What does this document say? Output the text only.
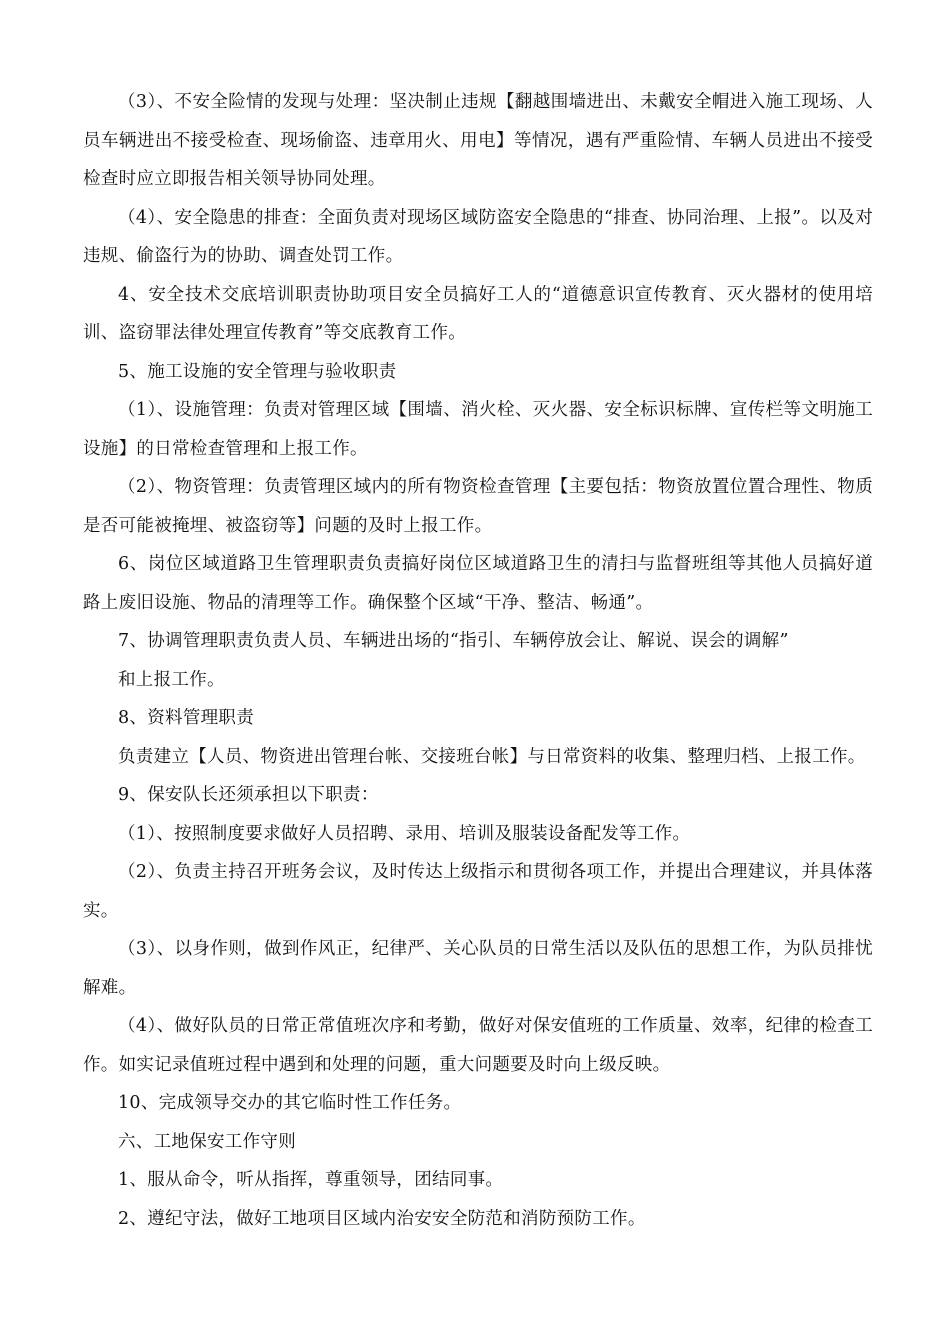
（3）、不安全险情的发现与处理：坚决制止违规【翻越围墙进出、未戴安全帽进入施工现场、人员车辆进出不接受检查、现场偷盗、违章用火、用电】等情况，遇有严重险情、车辆人员进出不接受检查时应立即报告相关领导协同处理。

（4）、安全隐患的排查：全面负责对现场区域防盗安全隐患的“排查、协同治理、上报”。以及对违规、偷盗行为的协助、调查处罚工作。

4、安全技术交底培训职责协助项目安全员搞好工人的“道德意识宣传教育、灭火器材的使用培训、盗窃罪法律处理宣传教育”等交底教育工作。

5、施工设施的安全管理与验收职责

（1）、设施管理：负责对管理区域【围墙、消火栓、灭火器、安全标识标牌、宣传栏等文明施工设施】的日常检查管理和上报工作。

（2）、物资管理：负责管理区域内的所有物资检查管理【主要包括：物资放置位置合理性、物质是否可能被掩埋、被盗窃等】问题的及时上报工作。

6、岗位区域道路卫生管理职责负责搞好岗位区域道路卫生的清扫与监督班组等其他人员搞好道路上废旧设施、物品的清理等工作。确保整个区域“干净、整洁、畅通”。

7、协调管理职责负责人员、车辆进出场的“指引、车辆停放会让、解说、误会的调解”

和上报工作。

8、资料管理职责

负责建立【人员、物资进出管理台帐、交接班台帐】与日常资料的收集、整理归档、上报工作。

9、保安队长还须承担以下职责：

（1）、按照制度要求做好人员招聘、录用、培训及服装设备配发等工作。

（2）、负责主持召开班务会议，及时传达上级指示和贯彻各项工作，并提出合理建议，并具体落实。

（3）、以身作则，做到作风正，纪律严、关心队员的日常生活以及队伍的思想工作，为队员排忧解难。

（4）、做好队员的日常正常值班次序和考勤，做好对保安值班的工作质量、效率，纪律的检查工作。如实记录值班过程中遇到和处理的问题，重大问题要及时向上级反映。

10、完成领导交办的其它临时性工作任务。

六、工地保安工作守则

1、服从命令，听从指挥，尊重领导，团结同事。

2、遵纪守法，做好工地项目区域内治安安全防范和消防预防工作。
